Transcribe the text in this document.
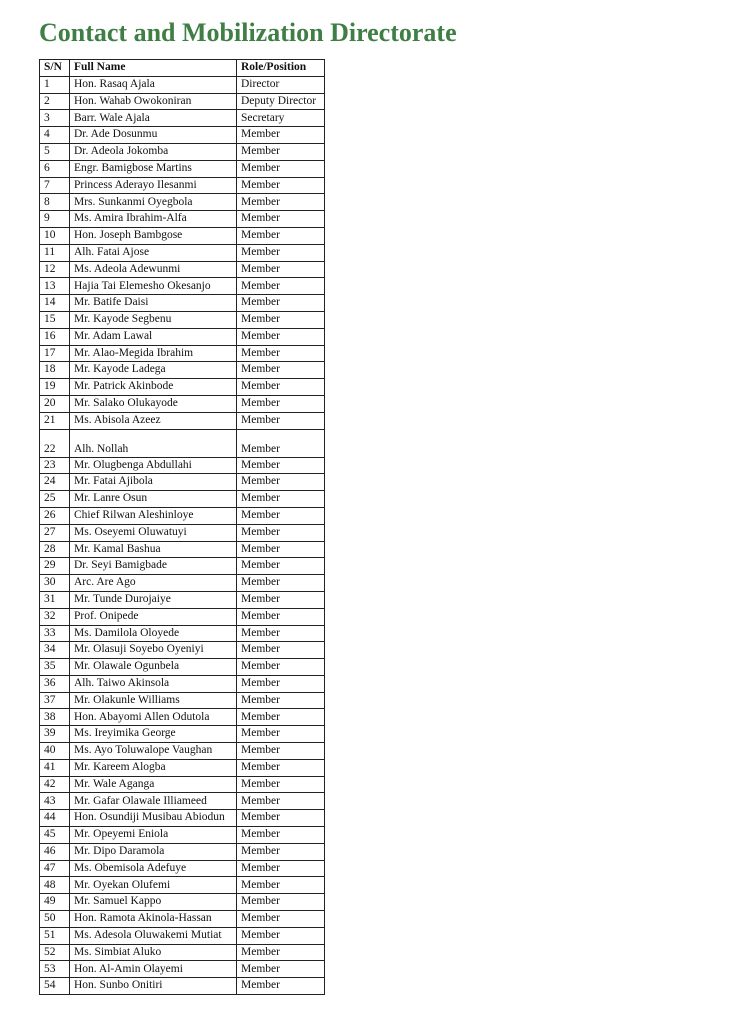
Contact and Mobilization Directorate
S/N	Full Name	Role/Position
1	Hon. Rasaq Ajala	Director
2	Hon. Wahab Owokoniran	Deputy Director
3	Barr. Wale Ajala	Secretary
4	Dr. Ade Dosunmu	Member
5	Dr. Adeola Jokomba	Member
6	Engr. Bamigbose Martins	Member
7	Princess Aderayo Ilesanmi	Member
8	Mrs. Sunkanmi Oyegbola	Member
9	Ms. Amira Ibrahim-Alfa	Member
10	Hon. Joseph Bambgose	Member
11	Alh. Fatai Ajose	Member
12	Ms. Adeola Adewunmi	Member
13	Hajia Tai Elemesho Okesanjo	Member
14	Mr. Batife Daisi	Member
15	Mr. Kayode Segbenu	Member
16	Mr. Adam Lawal	Member
17	Mr. Alao-Megida Ibrahim	Member
18	Mr. Kayode Ladega	Member
19	Mr. Patrick Akinbode	Member
20	Mr. Salako Olukayode	Member
21	Ms. Abisola Azeez	Member
22	Alh. Nollah	Member
23	Mr. Olugbenga Abdullahi	Member
24	Mr. Fatai Ajibola	Member
25	Mr. Lanre Osun	Member
26	Chief Rilwan Aleshinloye	Member
27	Ms. Oseyemi Oluwatuyi	Member
28	Mr. Kamal Bashua	Member
29	Dr. Seyi Bamigbade	Member
30	Arc. Are Ago	Member
31	Mr. Tunde Durojaiye	Member
32	Prof. Onipede	Member
33	Ms. Damilola Oloyede	Member
34	Mr. Olasuji Soyebo Oyeniyi	Member
35	Mr. Olawale Ogunbela	Member
36	Alh. Taiwo Akinsola	Member
37	Mr. Olakunle Williams	Member
38	Hon. Abayomi Allen Odutola	Member
39	Ms. Ireyimika George	Member
40	Ms. Ayo Toluwalope Vaughan	Member
41	Mr. Kareem Alogba	Member
42	Mr. Wale Aganga	Member
43	Mr. Gafar Olawale Illiameed	Member
44	Hon. Osundiji Musibau Abiodun	Member
45	Mr. Opeyemi Eniola	Member
46	Mr. Dipo Daramola	Member
47	Ms. Obemisola Adefuye	Member
48	Mr. Oyekan Olufemi	Member
49	Mr. Samuel Kappo	Member
50	Hon. Ramota Akinola-Hassan	Member
51	Ms. Adesola Oluwakemi Mutiat	Member
52	Ms. Simbiat Aluko	Member
53	Hon. Al-Amin Olayemi	Member
54	Hon. Sunbo Onitiri	Member
